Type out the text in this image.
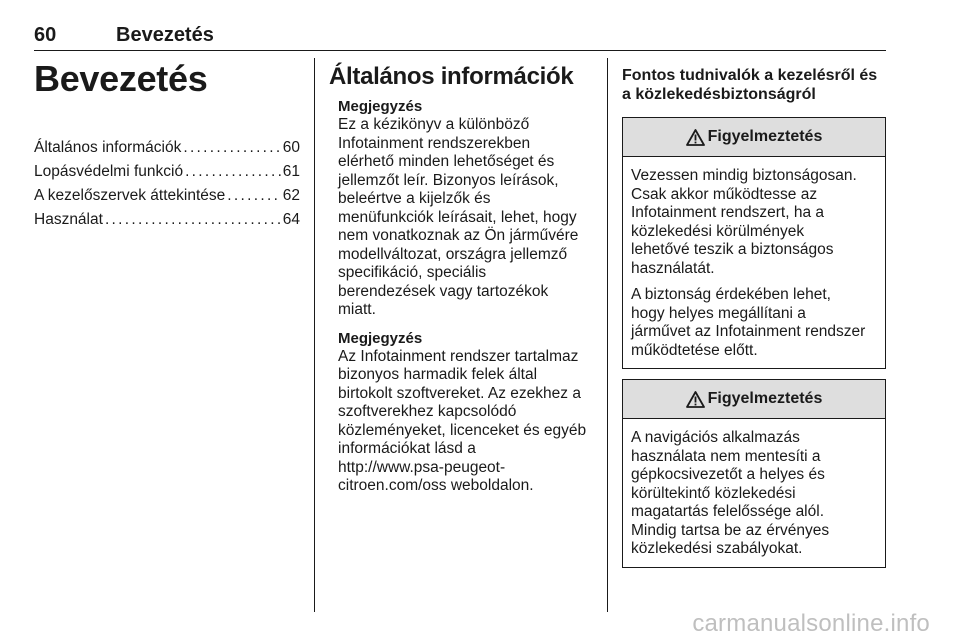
60	Bevezetés
Bevezetés
Általános információk . . .	60
Lopásvédelmi funkció . . .	61
A kezelőszervek áttekintése . . .	62
Használat . . .	64
Általános információk
Megjegyzés
Ez a kézikönyv a különböző
Infotainment rendszerekben
elérhető minden lehetőséget és
jellemzőt leír. Bizonyos leírások,
beleértve a kijelzők és
menüfunkciók leírásait, lehet, hogy
nem vonatkoznak az Ön járművére
modellváltozat, országra jellemző
specifikáció, speciális
berendezések vagy tartozékok
miatt.
Megjegyzés
Az Infotainment rendszer tartalmaz
bizonyos harmadik felek által
birtokolt szoftvereket. Az ezekhez a
szoftverekhez kapcsolódó
közleményeket, licenceket és egyéb
információkat lásd a
http://www.psa-peugeot-
citroen.com/oss weboldalon.
Fontos tudnivalók a kezelésről és
a közlekedésbiztonságról
Figyelmeztetés

Vezessen mindig biztonságosan.
Csak akkor működtesse az
Infotainment rendszert, ha a
közlekedési körülmények
lehetővé teszik a biztonságos
használatát.

A biztonság érdekében lehet,
hogy helyes megállítani a
járművet az Infotainment rendszer
működtetése előtt.

Figyelmeztetés

A navigációs alkalmazás
használata nem mentesíti a
gépkocsivezetőt a helyes és
körültekintő közlekedési
magatartás felelőssége alól.
Mindig tartsa be az érvényes
közlekedési szabályokat.

carmanualsonline.info
